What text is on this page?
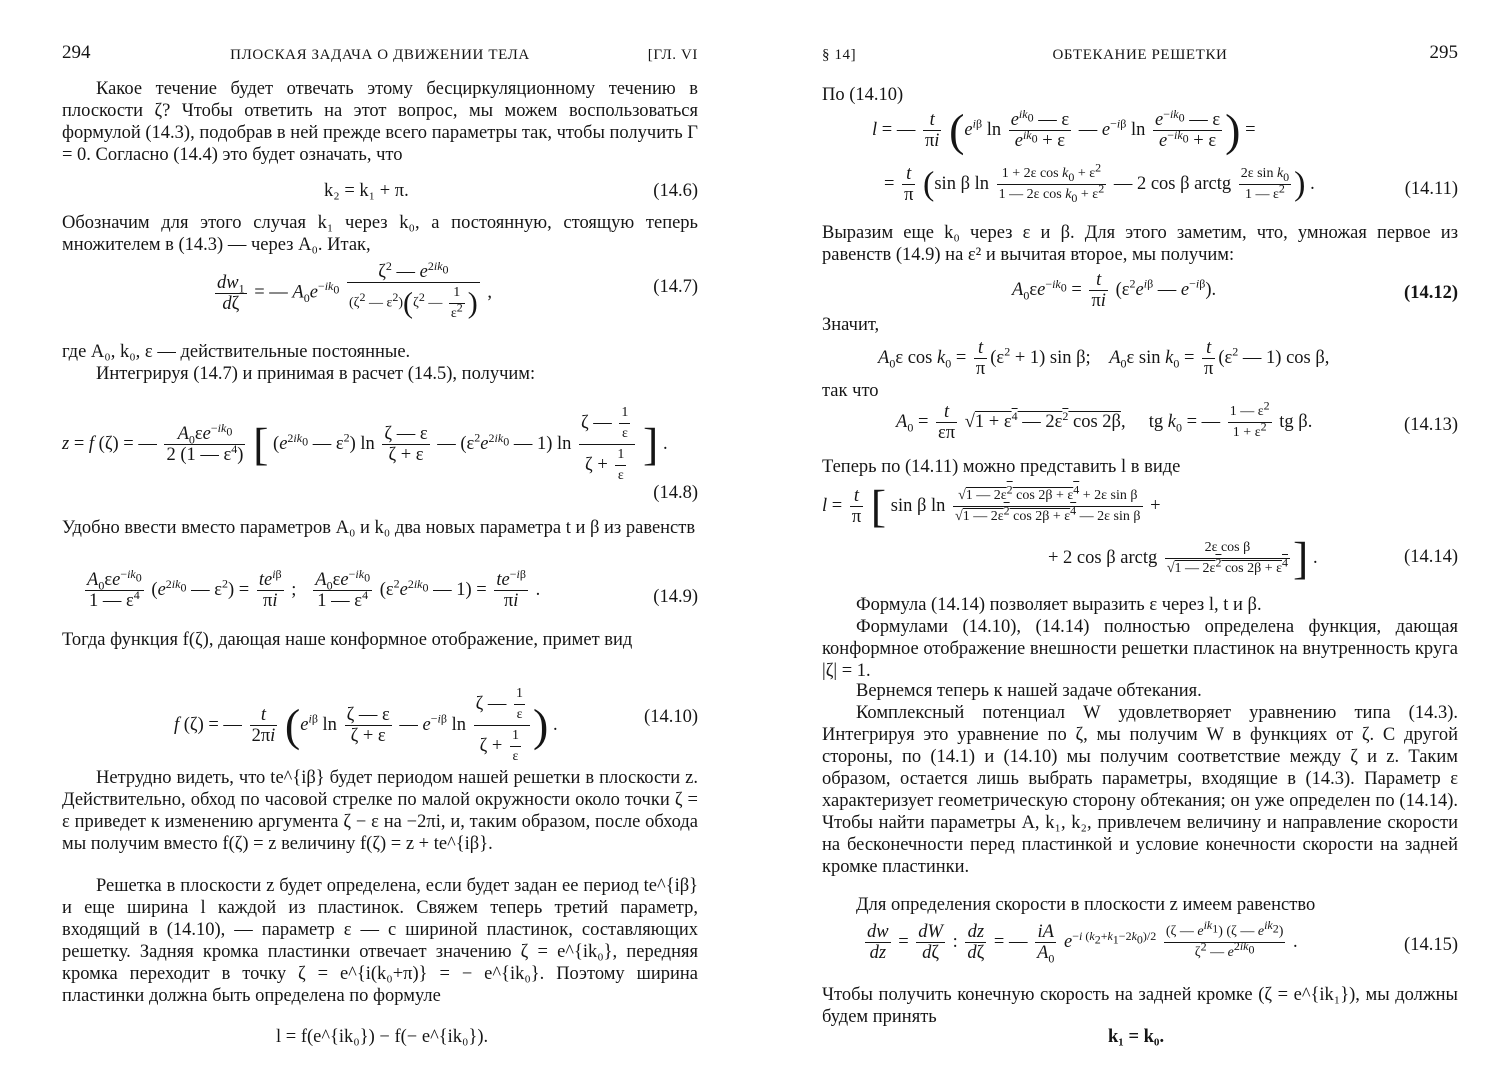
294	ПЛОСКАЯ ЗАДАЧА О ДВИЖЕНИИ ТЕЛА	[ГЛ. VI

Какое течение будет отвечать этому бесциркуляционному течению в плоскости ζ? Чтобы ответить на этот вопрос, мы можем воспользоваться формулой (14.3), подобрав в ней прежде всего параметры так, чтобы получить Γ = 0. Согласно (14.4) это будет означать, что

k₂ = k₁ + π.	(14.6)

Обозначим для этого случая k₁ через k₀, а постоянную, стоящую теперь множителем в (14.3) — через A₀. Итак,

$\frac{dw_1}{d\zeta}$ = — $A_0e^{-ik_0} \frac{\zeta^2 — e^{2ik_0}}{(\zeta^2 — \varepsilon^2)(\zeta^2 — \frac{1}{\varepsilon^2} )}$ ,	(14.7)

где A₀, k₀, ε — действительные постоянные.

Интегрируя (14.7) и принимая в расчет (14.5), получим:

z = f (ζ) = — $\frac{A_0\varepsilon e^{-ik_0}}{2 (1 — \varepsilon^4)}$ [ ($e^{2ik_0}$ — $\varepsilon^2$) $\ln \frac{\zeta — \varepsilon}{\zeta + \varepsilon}$ — ($\varepsilon^2e^{2ik_0}$ — 1) $\ln \frac{\zeta — \frac{1}{\varepsilon}}{\zeta + \frac{1}{\varepsilon}}$ ] .
(14.8)

Удобно ввести вместо параметров A₀ и k₀ два новых параметра t и β из равенств

$\frac{A_0\varepsilon e^{-ik_0}}{1 — \varepsilon^4} (e^{2ik_0}$ — $\varepsilon^2) = \frac{te^{i\beta}}{\pi i}$ ; $\frac{A_0\varepsilon e^{-ik_0}}{1 — \varepsilon^4} (\varepsilon^2e^{2ik_0}$ — $1) = \frac{te^{-i\beta}}{\pi i}$ .	(14.9)

Тогда функция f(ζ), дающая наше конформное отображение, примет вид

f (ζ) = — $\frac{t}{2\pi i} (e^{i\beta}$ $\ln \frac{\zeta — \varepsilon}{\zeta + \varepsilon}$ — $e^{-i\beta}$ $\ln \frac{\zeta — \frac{1}{\varepsilon}}{\zeta + \frac{1}{\varepsilon}}$ ) .	(14.10)

Нетрудно видеть, что te^{iβ} будет периодом нашей решетки в плоскости z. Действительно, обход по часовой стрелке по малой окружности около точки ζ = ε приведет к изменению аргумента ζ − ε на −2πi, и, таким образом, после обхода мы получим вместо f(ζ) = z величину f(ζ) = z + te^{iβ}.

Решетка в плоскости z будет определена, если будет задан ее период te^{iβ} и еще ширина l каждой из пластинок. Свяжем теперь третий параметр, входящий в (14.10), — параметр ε — с шириной пластинок, составляющих решетку. Задняя кромка пластинки отвечает значению ζ = e^{ik₀}, передняя кромка переходит в точку ζ = e^{i(k₀+π)} = − e^{ik₀}. Поэтому ширина пластинки должна быть определена по формуле

l = f(e^{ik₀}) − f(− e^{ik₀}).
§ 14]	ОБТЕКАНИЕ РЕШЕТКИ	295

По (14.10)

l = — $\frac{t}{\pi i} (e^{i\beta}$ $\ln \frac{e^{ik_0} — \varepsilon}{e^{ik_0} + \varepsilon}$ — $e^{-i\beta}$ $\ln \frac{e^{-ik_0} — \varepsilon}{e^{-ik_0} + \varepsilon}$ ) =
= $\frac{t}{\pi} (\sin$ β $\ln \frac{1 + 2\varepsilon \cos k_0 + \varepsilon^2}{1 — 2\varepsilon \cos k_0 + \varepsilon^2}$ — 2 cos β arctg $\frac{2\varepsilon \sin k_0}{1 — \varepsilon^2}$ ) .	(14.11)

Выразим еще k₀ через ε и β. Для этого заметим, что, умножая первое из равенств (14.9) на ε² и вычитая второе, мы получим:

$A_0\varepsilon e^{-ik_0} = \frac{t}{\pi i} (\varepsilon^2e^{i\beta}$ — $e^{-i\beta}$).	(14.12)

Значит,

$A_0\varepsilon$ $\cos k_0 = \frac{t}{\pi} (\varepsilon^2 + 1)$ sin β;    $A_0\varepsilon$ $\sin k_0 = \frac{t}{\pi} (\varepsilon^2$ — 1) cos β,

так что

$A_0 = \frac{t}{\varepsilon\pi} √1 + \varepsilon^4$ — $2\varepsilon^2$ cos 2β,     tg $k_0$ = — $\frac{1 — \varepsilon^2}{1 + \varepsilon^2}$ tg β.	(14.13)

Теперь по (14.11) можно представить l в виде

$l = \frac{t}{\pi}$ [ sin β $\ln \frac{√1 — 2\varepsilon^2 \cos 2\beta + \varepsilon^4 + 2\varepsilon \sin \beta}{√1 — 2\varepsilon^2 \cos 2\beta + \varepsilon^4 — 2\varepsilon \sin \beta}$ +
+ 2 cos β arctg $\frac{\text{2ε cos β}}{√1 — 2\varepsilon^2 \cos 2\beta + \varepsilon^4}$ ] .	(14.14)

Формула (14.14) позволяет выразить ε через l, t и β.

Формулами (14.10), (14.14) полностью определена функция, дающая конформное отображение внешности решетки пластинок на внутренность круга |ζ| = 1.

Вернемся теперь к нашей задаче обтекания.

Комплексный потенциал W удовлетворяет уравнению типа (14.3). Интегрируя это уравнение по ζ, мы получим W в функциях от ζ. С другой стороны, по (14.1) и (14.10) мы получим соответствие между ζ и z. Таким образом, остается лишь выбрать параметры, входящие в (14.3). Параметр ε характеризует геометрическую сторону обтекания; он уже определен по (14.14). Чтобы найти параметры A, k₁, k₂, привлечем величину и направление скорости на бесконечности перед пластинкой и условие конечности скорости на задней кромке пластинки.

Для определения скорости в плоскости z имеем равенство

$\frac{dw}{dz} = \frac{dW}{d\zeta}$ : $\frac{dz}{d\zeta}$ = — $\frac{iA}{A_0} e^{-i (k_2+k_1-2k_0)/2} \frac{(\zeta — e^{ik_1}) (\zeta — e^{ik_2})}{\zeta^2 — e^{2ik_0}}$ .	(14.15)

Чтобы получить конечную скорость на задней кромке (ζ = e^{ik₁}), мы должны будем принять

k₁ = k₀.
